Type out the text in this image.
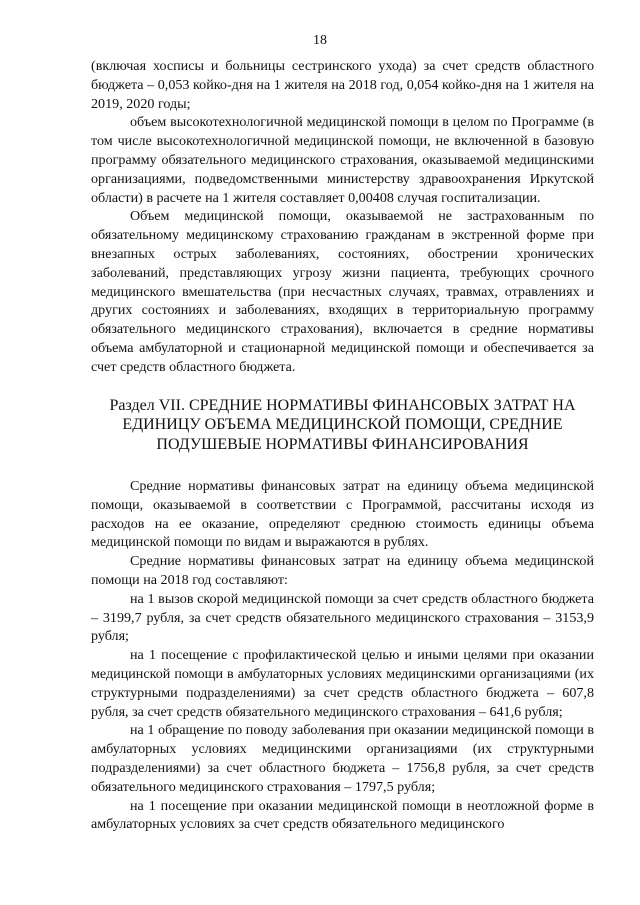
18

(включая хосписы и больницы сестринского ухода) за счет средств областного бюджета – 0,053 койко-дня на 1 жителя на 2018 год, 0,054 койко-дня на 1 жителя на 2019, 2020 годы;

объем высокотехнологичной медицинской помощи в целом по Программе (в том числе высокотехнологичной медицинской помощи, не включенной в базовую программу обязательного медицинского страхования, оказываемой медицинскими организациями, подведомственными министерству здравоохранения Иркутской области) в расчете на 1 жителя составляет 0,00408 случая госпитализации.

Объем медицинской помощи, оказываемой не застрахованным по обязательному медицинскому страхованию гражданам в экстренной форме при внезапных острых заболеваниях, состояниях, обострении хронических заболеваний, представляющих угрозу жизни пациента, требующих срочного медицинского вмешательства (при несчастных случаях, травмах, отравлениях и других состояниях и заболеваниях, входящих в территориальную программу обязательного медицинского страхования), включается в средние нормативы объема амбулаторной и стационарной медицинской помощи и обеспечивается за счет средств областного бюджета.

Раздел VII. СРЕДНИЕ НОРМАТИВЫ ФИНАНСОВЫХ ЗАТРАТ НА
ЕДИНИЦУ ОБЪЕМА МЕДИЦИНСКОЙ ПОМОЩИ, СРЕДНИЕ
ПОДУШЕВЫЕ НОРМАТИВЫ ФИНАНСИРОВАНИЯ

Средние нормативы финансовых затрат на единицу объема медицинской помощи, оказываемой в соответствии с Программой, рассчитаны исходя из расходов на ее оказание, определяют среднюю стоимость единицы объема медицинской помощи по видам и выражаются в рублях.

Средние нормативы финансовых затрат на единицу объема медицинской помощи на 2018 год составляют:

на 1 вызов скорой медицинской помощи за счет средств областного бюджета – 3199,7 рубля, за счет средств обязательного медицинского страхования – 3153,9 рубля;

на 1 посещение с профилактической целью и иными целями при оказании медицинской помощи в амбулаторных условиях медицинскими организациями (их структурными подразделениями) за счет средств областного бюджета – 607,8 рубля, за счет средств обязательного медицинского страхования – 641,6 рубля;

на 1 обращение по поводу заболевания при оказании медицинской помощи в амбулаторных условиях медицинскими организациями (их структурными подразделениями) за счет областного бюджета – 1756,8 рубля, за счет средств обязательного медицинского страхования – 1797,5 рубля;

на 1 посещение при оказании медицинской помощи в неотложной форме в амбулаторных условиях за счет средств обязательного медицинского
